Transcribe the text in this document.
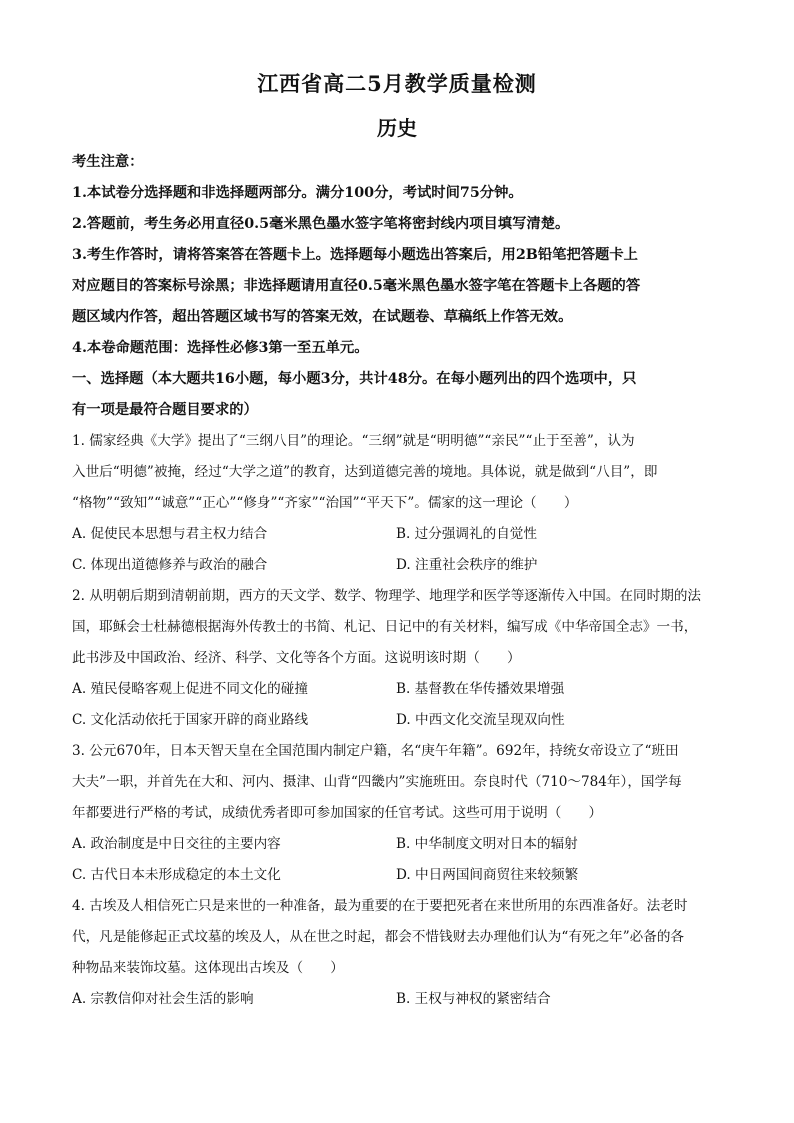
江西省高二5月教学质量检测
历史
考生注意：
1.本试卷分选择题和非选择题两部分。满分100分，考试时间75分钟。
2.答题前，考生务必用直径0.5毫米黑色墨水签字笔将密封线内项目填写清楚。
3.考生作答时，请将答案答在答题卡上。选择题每小题选出答案后，用2B铅笔把答题卡上
对应题目的答案标号涂黑；非选择题请用直径0.5毫米黑色墨水签字笔在答题卡上各题的答
题区域内作答，超出答题区域书写的答案无效，在试题卷、草稿纸上作答无效。
4.本卷命题范围：选择性必修3第一至五单元。
一、选择题（本大题共16小题，每小题3分，共计48分。在每小题列出的四个选项中，只
有一项是最符合题目要求的）
1. 儒家经典《大学》提出了“三纲八目”的理论。“三纲”就是“明明德”“亲民”“止于至善”，认为
入世后“明德”被掩，经过“大学之道”的教育，达到道德完善的境地。具体说，就是做到“八目”，即
“格物”“致知”“诚意”“正心”“修身”“齐家”“治国”“平天下”。儒家的这一理论（　　）
A. 促使民本思想与君主权力结合	B. 过分强调礼的自觉性
C. 体现出道德修养与政治的融合	D. 注重社会秩序的维护
2. 从明朝后期到清朝前期，西方的天文学、数学、物理学、地理学和医学等逐渐传入中国。在同时期的法
国，耶稣会士杜赫德根据海外传教士的书简、札记、日记中的有关材料，编写成《中华帝国全志》一书，
此书涉及中国政治、经济、科学、文化等各个方面。这说明该时期（　　）
A. 殖民侵略客观上促进不同文化的碰撞	B. 基督教在华传播效果增强
C. 文化活动依托于国家开辟的商业路线	D. 中西文化交流呈现双向性
3. 公元670年，日本天智天皇在全国范围内制定户籍，名“庚午年籍”。692年，持统女帝设立了“班田
大夫”一职，并首先在大和、河内、摄津、山背“四畿内”实施班田。奈良时代（710～784年），国学每
年都要进行严格的考试，成绩优秀者即可参加国家的任官考试。这些可用于说明（　　）
A. 政治制度是中日交往的主要内容	B. 中华制度文明对日本的辐射
C. 古代日本未形成稳定的本土文化	D. 中日两国间商贸往来较频繁
4. 古埃及人相信死亡只是来世的一种准备，最为重要的在于要把死者在来世所用的东西准备好。法老时
代，凡是能修起正式坟墓的埃及人，从在世之时起，都会不惜钱财去办理他们认为“有死之年”必备的各
种物品来装饰坟墓。这体现出古埃及（　　）
A. 宗教信仰对社会生活的影响	B. 王权与神权的紧密结合
